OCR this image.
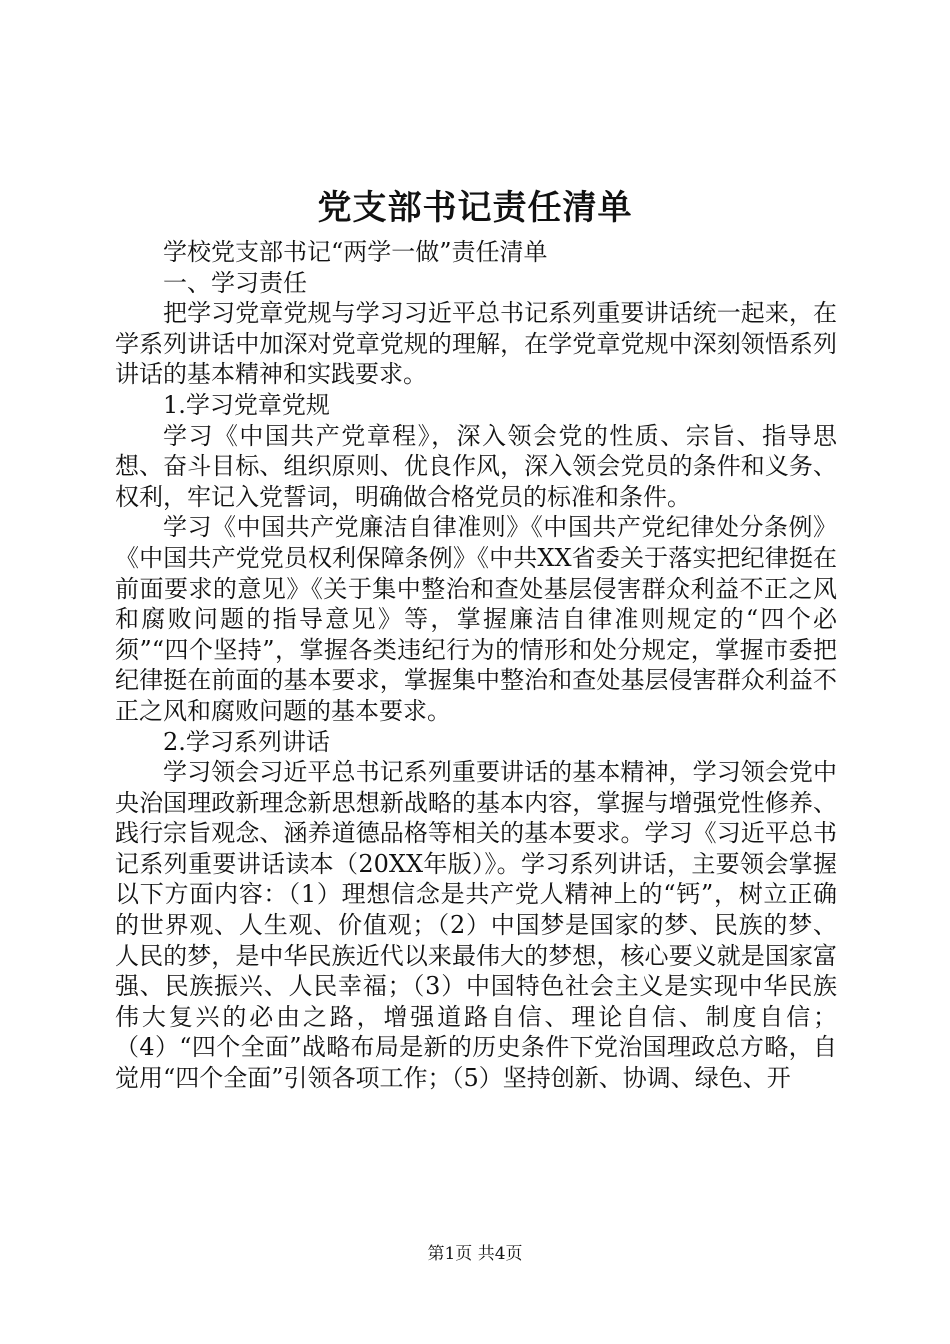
党支部书记责任清单

学校党支部书记“两学一做”责任清单

一、学习责任

把学习党章党规与学习习近平总书记系列重要讲话统一起来，在学系列讲话中加深对党章党规的理解，在学党章党规中深刻领悟系列讲话的基本精神和实践要求。

1.学习党章党规

学习《中国共产党章程》，深入领会党的性质、宗旨、指导思想、奋斗目标、组织原则、优良作风，深入领会党员的条件和义务、权利，牢记入党誓词，明确做合格党员的标准和条件。

学习《中国共产党廉洁自律准则》《中国共产党纪律处分条例》《中国共产党党员权利保障条例》《中共XX省委关于落实把纪律挺在前面要求的意见》《关于集中整治和查处基层侵害群众利益不正之风和腐败问题的指导意见》等，掌握廉洁自律准则规定的“四个必须”“四个坚持”，掌握各类违纪行为的情形和处分规定，掌握市委把纪律挺在前面的基本要求，掌握集中整治和查处基层侵害群众利益不正之风和腐败问题的基本要求。

2.学习系列讲话

学习领会习近平总书记系列重要讲话的基本精神，学习领会党中央治国理政新理念新思想新战略的基本内容，掌握与增强党性修养、践行宗旨观念、涵养道德品格等相关的基本要求。学习《习近平总书记系列重要讲话读本（20XX年版）》。学习系列讲话，主要领会掌握以下方面内容：（1）理想信念是共产党人精神上的“钙”，树立正确的世界观、人生观、价值观；（2）中国梦是国家的梦、民族的梦、人民的梦，是中华民族近代以来最伟大的梦想，核心要义就是国家富强、民族振兴、人民幸福；（3）中国特色社会主义是实现中华民族伟大复兴的必由之路，增强道路自信、理论自信、制度自信；（4）“四个全面”战略布局是新的历史条件下党治国理政总方略，自觉用“四个全面”引领各项工作；（5）坚持创新、协调、绿色、开

第1页 共4页
